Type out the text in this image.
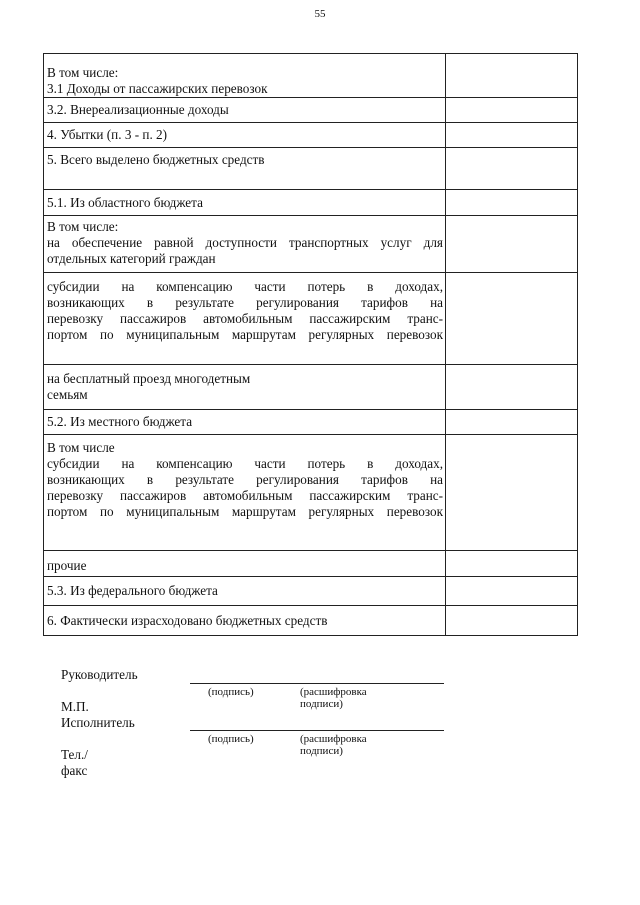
55
В том числе:
3.1 Доходы от пассажирских перевозок	

3.2. Внереализационные доходы	

4. Убытки (п. 3 - п. 2)	

5. Всего выделено бюджетных средств	

5.1. Из областного бюджета	

В том числе:
на обеспечение равной доступности транспортных услуг для
отдельных категорий граждан	

субсидии на компенсацию части потерь в доходах,
возникающих в результате регулирования тарифов на
перевозку пассажиров автомобильным пассажирским транс-
портом по муниципальным маршрутам регулярных перевозок	

на бесплатный проезд многодетным
семьям	

5.2. Из местного бюджета	

В том числе
субсидии на компенсацию части потерь в доходах,
возникающих в результате регулирования тарифов на
перевозку пассажиров автомобильным пассажирским транс-
портом по муниципальным маршрутам регулярных перевозок	

прочие	

5.3. Из федерального бюджета	

6. Фактически израсходовано бюджетных средств	

Руководитель
(подпись)	(расшифровка подписи)
М.П.
Исполнитель
(подпись)	(расшифровка подписи)
Тел./факс
